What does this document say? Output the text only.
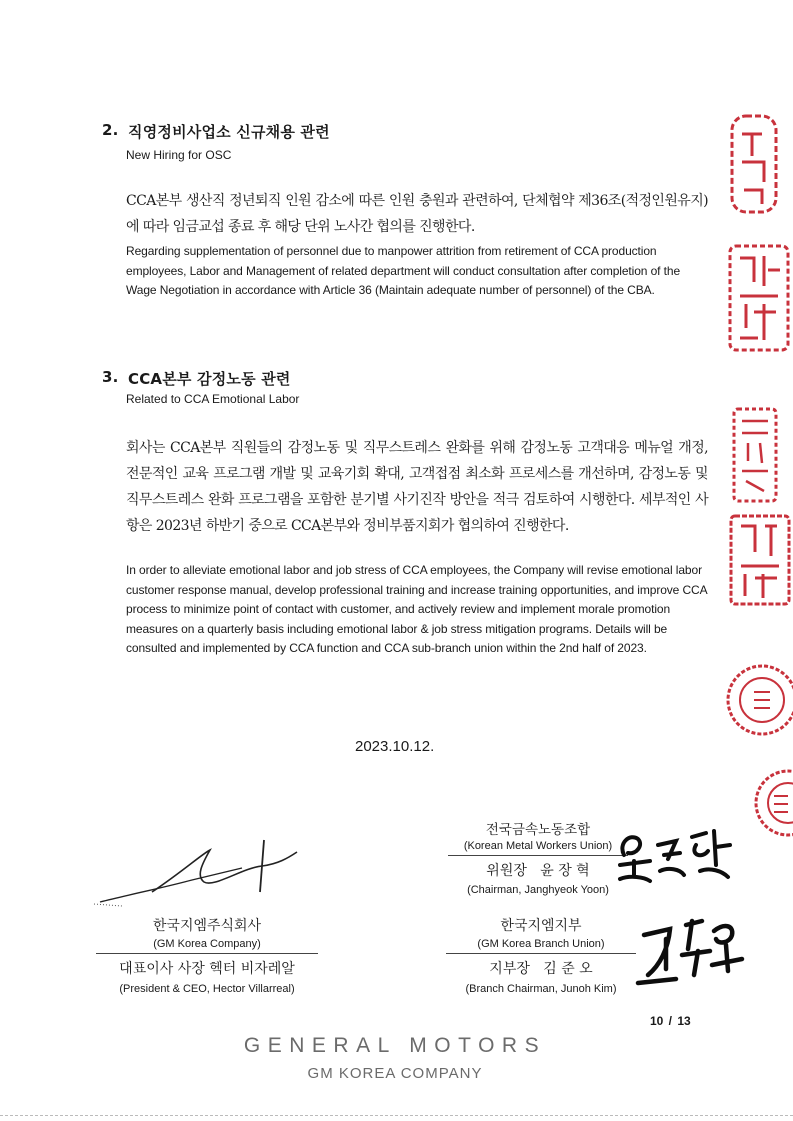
2. 직영정비사업소 신규채용 관련
New Hiring for OSC
CCA본부 생산직 정년퇴직 인원 감소에 따른 인원 충원과 관련하여, 단체협약 제36조(적정인원유지)에 따라 임금교섭 종료 후 해당 단위 노사간 협의를 진행한다.
Regarding supplementation of personnel due to manpower attrition from retirement of CCA production employees, Labor and Management of related department will conduct consultation after completion of the Wage Negotiation in accordance with Article 36 (Maintain adequate number of personnel) of the CBA.
3. CCA본부 감정노동 관련
Related to CCA Emotional Labor
회사는 CCA본부 직원들의 감정노동 및 직무스트레스 완화를 위해 감정노동 고객대응 메뉴얼 개정, 전문적인 교육 프로그램 개발 및 교육기회 확대, 고객접점 최소화 프로세스를 개선하며, 감정노동 및 직무스트레스 완화 프로그램을 포함한 분기별 사기진작 방안을 적극 검토하여 시행한다. 세부적인 사항은 2023년 하반기 중으로 CCA본부와 정비부품지회가 협의하여 진행한다.
In order to alleviate emotional labor and job stress of CCA employees, the Company will revise emotional labor customer response manual, develop professional training and increase training opportunities, and improve CCA process to minimize point of contact with customer, and actively review and implement morale promotion measures on a quarterly basis including emotional labor & job stress mitigation programs. Details will be consulted and implemented by CCA function and CCA sub-branch union within the 2nd half of 2023.
2023.10.12.
전국금속노동조합
(Korean Metal Workers Union)
위원장   윤 장 혁
(Chairman, Janghyeok Yoon)
한국지엠주식회사
(GM Korea Company)
대표이사 사장 헥터 비자레알
(President & CEO, Hector Villarreal)
한국지엠지부
(GM Korea Branch Union)
지부장   김 준 오
(Branch Chairman, Junoh Kim)
10 / 13
GENERAL MOTORS
GM KOREA COMPANY
